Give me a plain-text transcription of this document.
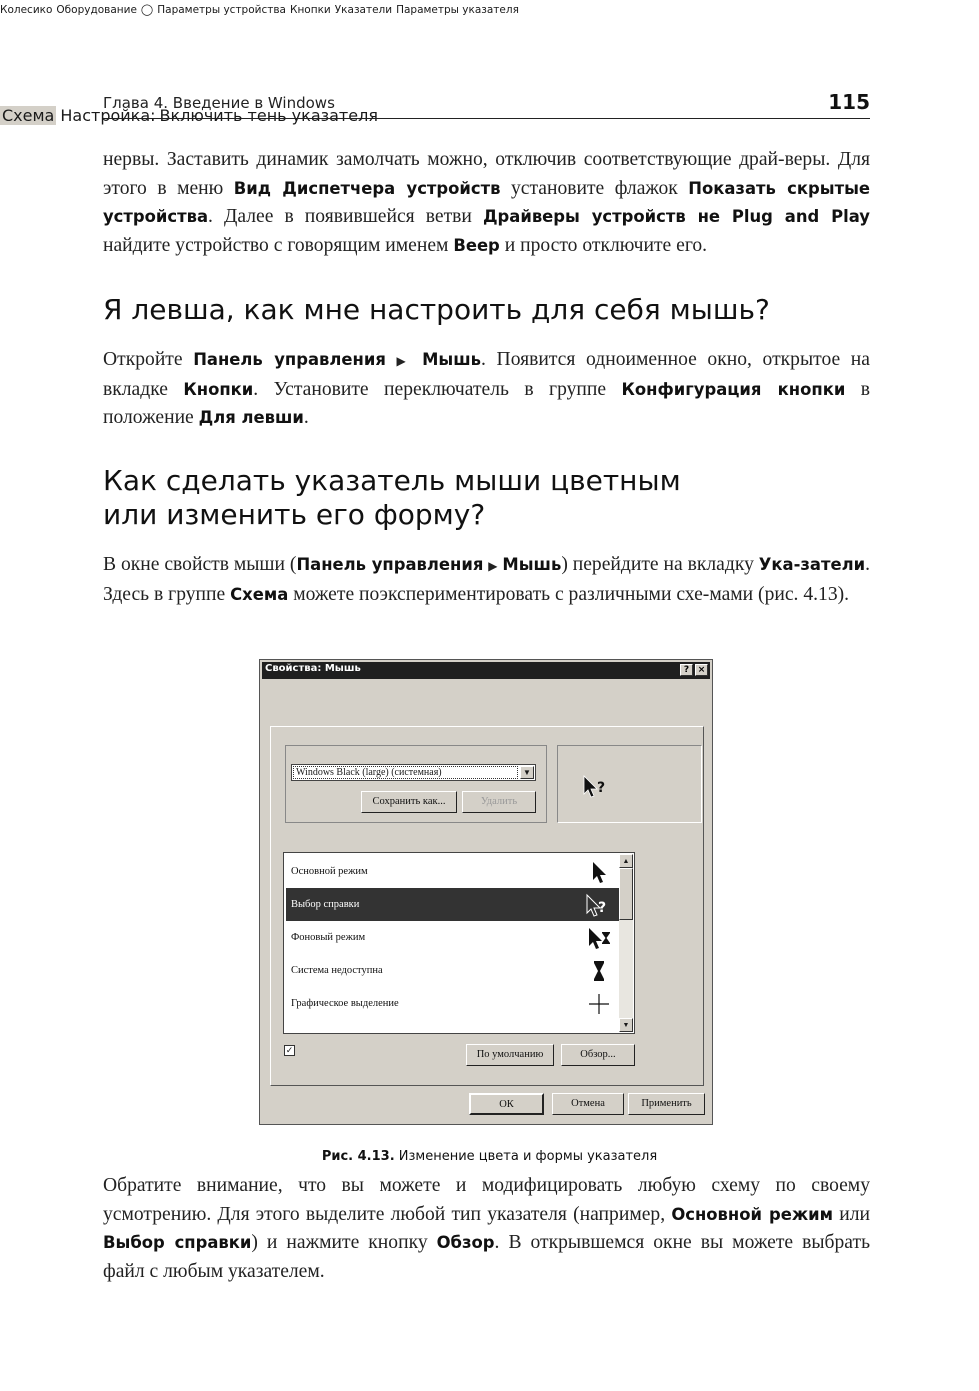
Глава 4. Введение в Windows	115

нервы. Заставить динамик замолчать можно, отключив соответствующие драй-веры. Для этого в меню Вид Диспетчера устройств установите флажок Показать скрытые устройства. Далее в появившейся ветви Драйверы устройств не Plug and Play найдите устройство с говорящим именем Beep и просто отключите его.

Я левша, как мне настроить для себя мышь?

Откройте Панель управления ▶ Мышь. Появится одноименное окно, открытое на вкладке Кнопки. Установите переключатель в группе Конфигурация кнопки в положение Для левши.

Как сделать указатель мыши цветным
или изменить его форму?

В окне свойств мыши (Панель управления ▶ Мышь) перейдите на вкладку Ука-затели. Здесь в группе Схема можете поэкспериментировать с различными схе-мами (рис. 4.13).

Свойства: Мышь	? ×
Колесико Оборудование ◯ Параметры устройства Кнопки Указатели Параметры указателя
Схема
Windows Black (large) (системная)	▼
Сохранить как...	Удалить
?
Настройка:
Основной режим
Выбор справки	?
Фоновый режим
Система недоступна
Графическое выделение
▲
▼
✓
Включить тень указателя
По умолчанию	Обзор...
ОК	Отмена	Применить
Рис. 4.13. Изменение цвета и формы указателя

Обратите внимание, что вы можете и модифицировать любую схему по своему усмотрению. Для этого выделите любой тип указателя (например, Основной режим или Выбор справки) и нажмите кнопку Обзор. В открывшемся окне вы можете выбрать файл с любым указателем.
